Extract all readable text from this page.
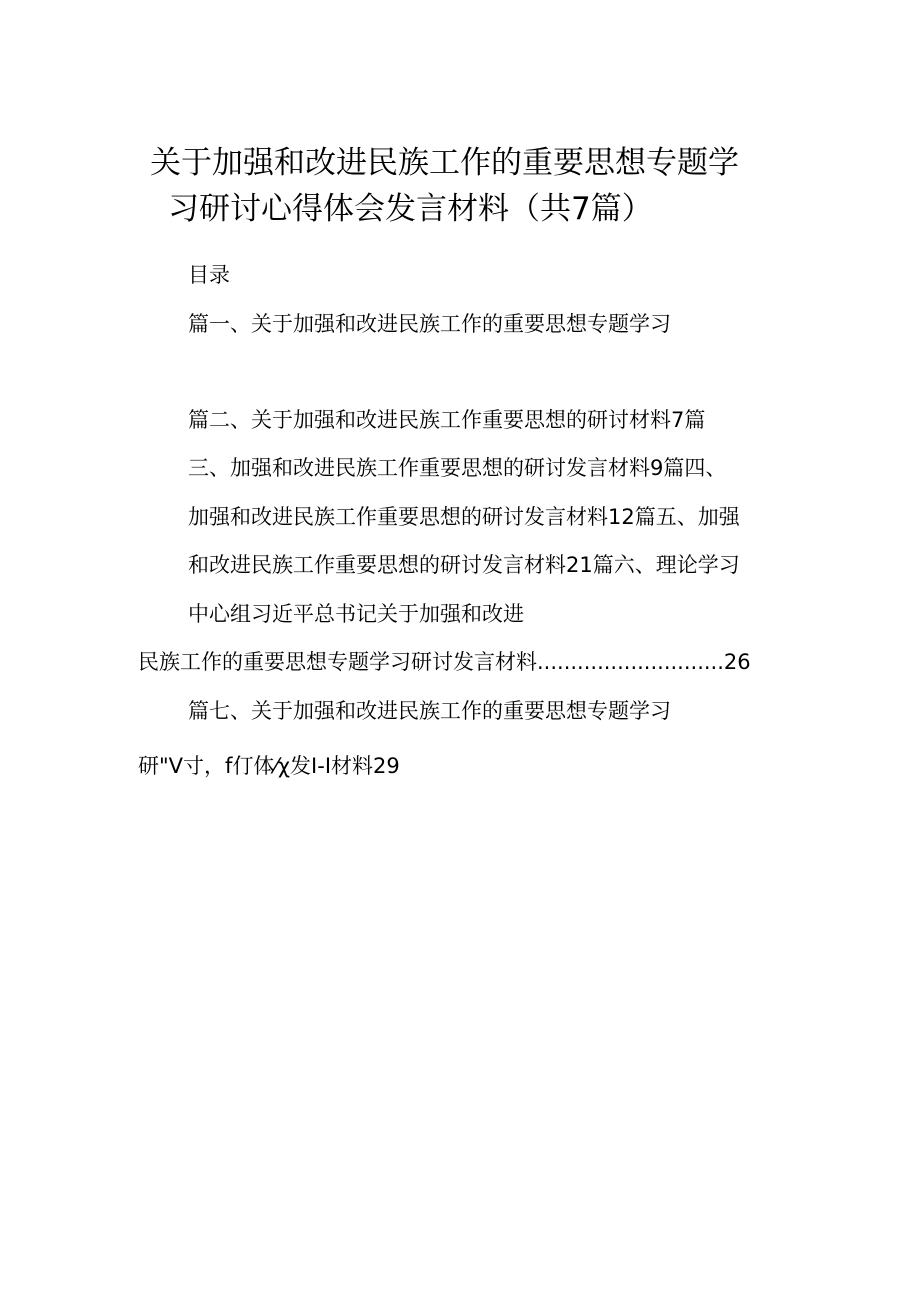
关于加强和改进民族工作的重要思想专题学
习研讨心得体会发言材料（共7篇）
目录
篇一、关于加强和改进民族工作的重要思想专题学习
篇二、关于加强和改进民族工作重要思想的研讨材料7篇
三、加强和改进民族工作重要思想的研讨发言材料9篇四、
加强和改进民族工作重要思想的研讨发言材料12篇五、加强
和改进民族工作重要思想的研讨发言材料21篇六、理论学习
中心组习近平总书记关于加强和改进
民族工作的重要思想专题学习研讨发言材料............................26
篇七、关于加强和改进民族工作的重要思想专题学习
研"V寸，f仃体⁄χ发I-I材料29
